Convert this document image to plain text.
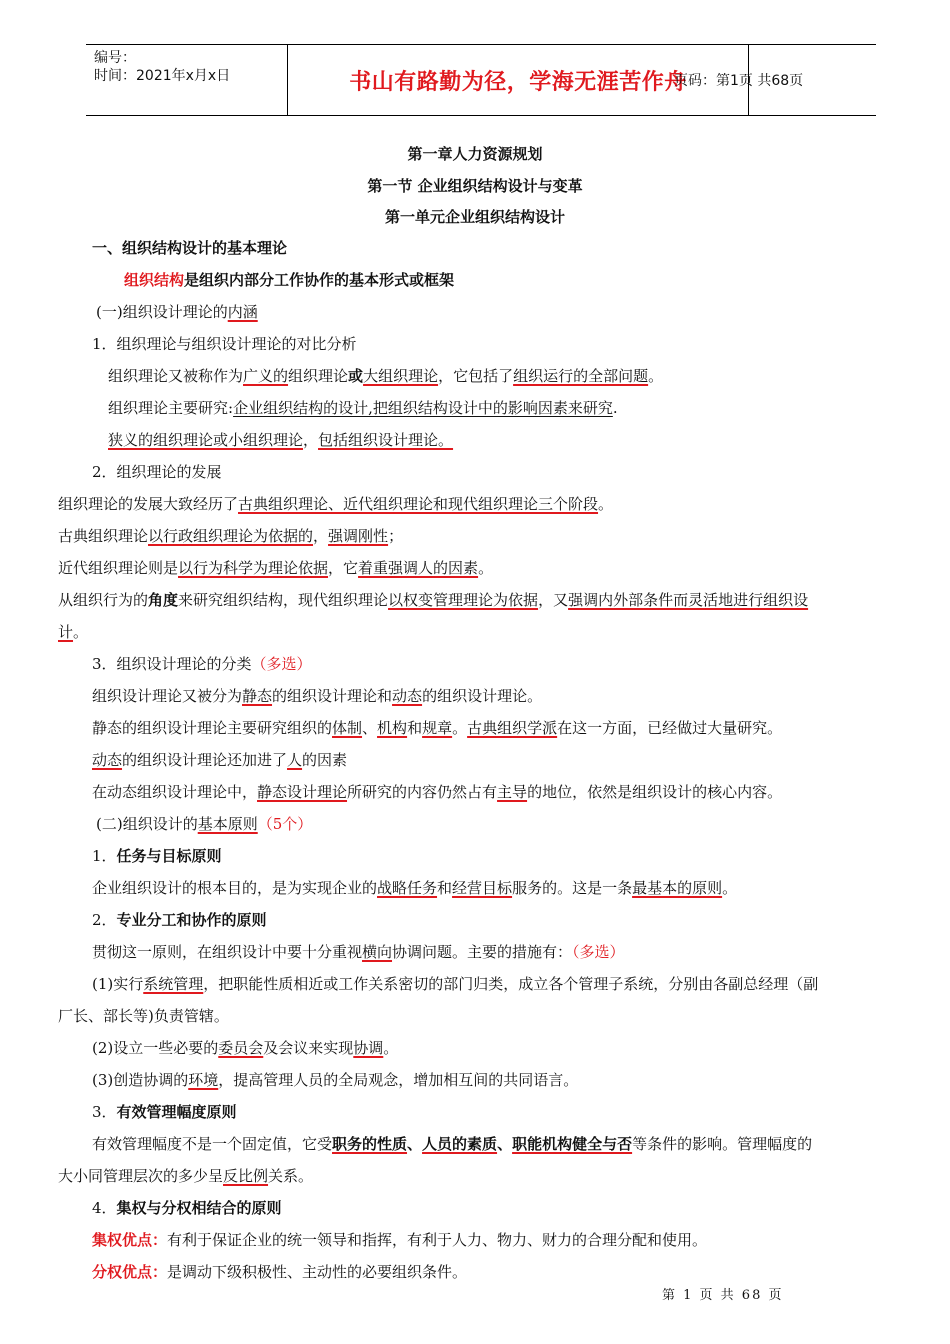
编号：
时间：2021年x月x日	书山有路勤为径，学海无涯苦作舟
页码：第1页 共68页
第一章人力资源规划
第一节 企业组织结构设计与变革
第一单元企业组织结构设计
一、组织结构设计的基本理论
组织结构是组织内部分工作协作的基本形式或框架
(一)组织设计理论的内涵
1．组织理论与组织设计理论的对比分析
组织理论又被称作为广义的组织理论或大组织理论，它包括了组织运行的全部问题。
组织理论主要研究:企业组织结构的设计,把组织结构设计中的影响因素来研究.
狭义的组织理论或小组织理论，包括组织设计理论。
2．组织理论的发展
组织理论的发展大致经历了古典组织理论、近代组织理论和现代组织理论三个阶段。
古典组织理论以行政组织理论为依据的，强调刚性；
近代组织理论则是以行为科学为理论依据，它着重强调人的因素。
从组织行为的角度来研究组织结构，现代组织理论以权变管理理论为依据，又强调内外部条件而灵活地进行组织设
计。
3．组织设计理论的分类（多选）
组织设计理论又被分为静态的组织设计理论和动态的组织设计理论。
静态的组织设计理论主要研究组织的体制、机构和规章。古典组织学派在这一方面，已经做过大量研究。
动态的组织设计理论还加进了人的因素
在动态组织设计理论中，静态设计理论所研究的内容仍然占有主导的地位，依然是组织设计的核心内容。
(二)组织设计的基本原则（5个）
1．任务与目标原则
企业组织设计的根本目的，是为实现企业的战略任务和经营目标服务的。这是一条最基本的原则。
2．专业分工和协作的原则
贯彻这一原则，在组织设计中要十分重视横向协调问题。主要的措施有：（多选）
(1)实行系统管理，把职能性质相近或工作关系密切的部门归类，成立各个管理子系统，分别由各副总经理（副
厂长、部长等)负责管辖。
(2)设立一些必要的委员会及会议来实现协调。
(3)创造协调的环境，提高管理人员的全局观念，增加相互间的共同语言。
3．有效管理幅度原则
有效管理幅度不是一个固定值，它受职务的性质、人员的素质、职能机构健全与否等条件的影响。管理幅度的
大小同管理层次的多少呈反比例关系。
4．集权与分权相结合的原则
集权优点：有利于保证企业的统一领导和指挥，有利于人力、物力、财力的合理分配和使用。
分权优点：是调动下级积极性、主动性的必要组织条件。
第 1 页 共 68 页
